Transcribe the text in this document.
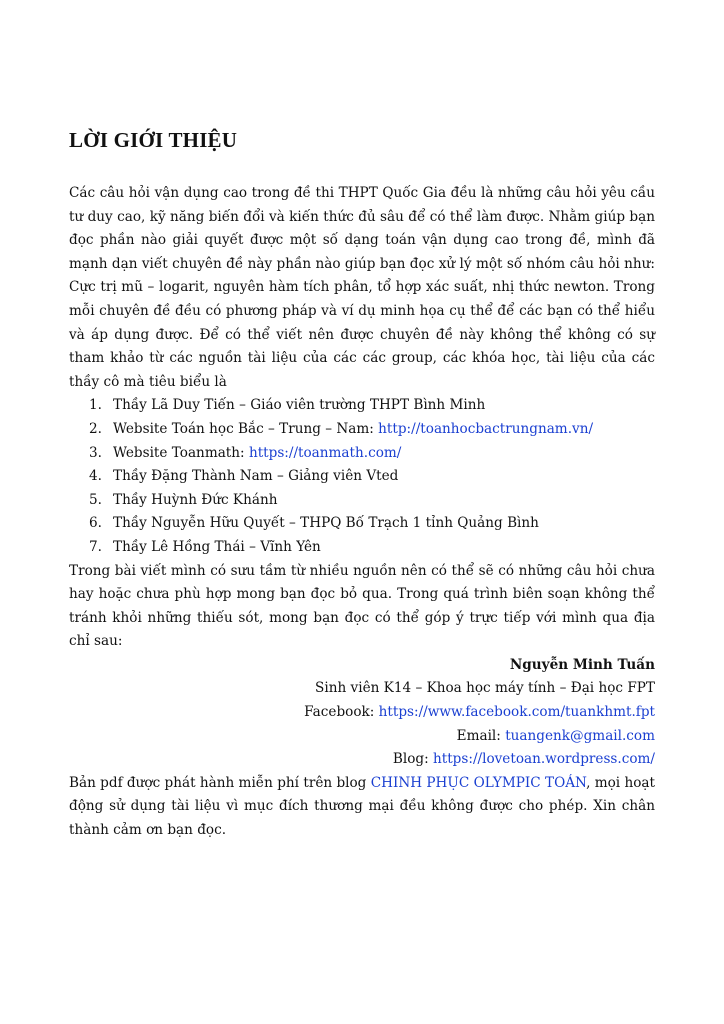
LỜI GIỚI THIỆU

Các câu hỏi vận dụng cao trong đề thi THPT Quốc Gia đều là những câu hỏi yêu cầu tư duy cao, kỹ năng biến đổi và kiến thức đủ sâu để có thể làm được. Nhằm giúp bạn đọc phần nào giải quyết được một số dạng toán vận dụng cao trong đề, mình đã mạnh dạn viết chuyên đề này phần nào giúp bạn đọc xử lý một số nhóm câu hỏi như: Cực trị mũ – logarit, nguyên hàm tích phân, tổ hợp xác suất, nhị thức newton. Trong mỗi chuyên đề đều có phương pháp và ví dụ minh họa cụ thể để các bạn có thể hiểu và áp dụng được. Để có thể viết nên được chuyên đề này không thể không có sự tham khảo từ các nguồn tài liệu của các các group, các khóa học, tài liệu của các thầy cô mà tiêu biểu là

1. Thầy Lã Duy Tiến – Giáo viên trường THPT Bình Minh
2. Website Toán học Bắc – Trung – Nam: http://toanhocbactrungnam.vn/
3. Website Toanmath: https://toanmath.com/
4. Thầy Đặng Thành Nam – Giảng viên Vted
5. Thầy Huỳnh Đức Khánh
6. Thầy Nguyễn Hữu Quyết – THPQ Bố Trạch 1 tỉnh Quảng Bình
7. Thầy Lê Hồng Thái – Vĩnh Yên

Trong bài viết mình có sưu tầm từ nhiều nguồn nên có thể sẽ có những câu hỏi chưa hay hoặc chưa phù hợp mong bạn đọc bỏ qua. Trong quá trình biên soạn không thể tránh khỏi những thiếu sót, mong bạn đọc có thể góp ý trực tiếp với mình qua địa chỉ sau:

Nguyễn Minh Tuấn
Sinh viên K14 – Khoa học máy tính – Đại học FPT
Facebook: https://www.facebook.com/tuankhmt.fpt
Email: tuangenk@gmail.com
Blog: https://lovetoan.wordpress.com/

Bản pdf được phát hành miễn phí trên blog CHINH PHỤC OLYMPIC TOÁN, mọi hoạt động sử dụng tài liệu vì mục đích thương mại đều không được cho phép. Xin chân thành cảm ơn bạn đọc.
